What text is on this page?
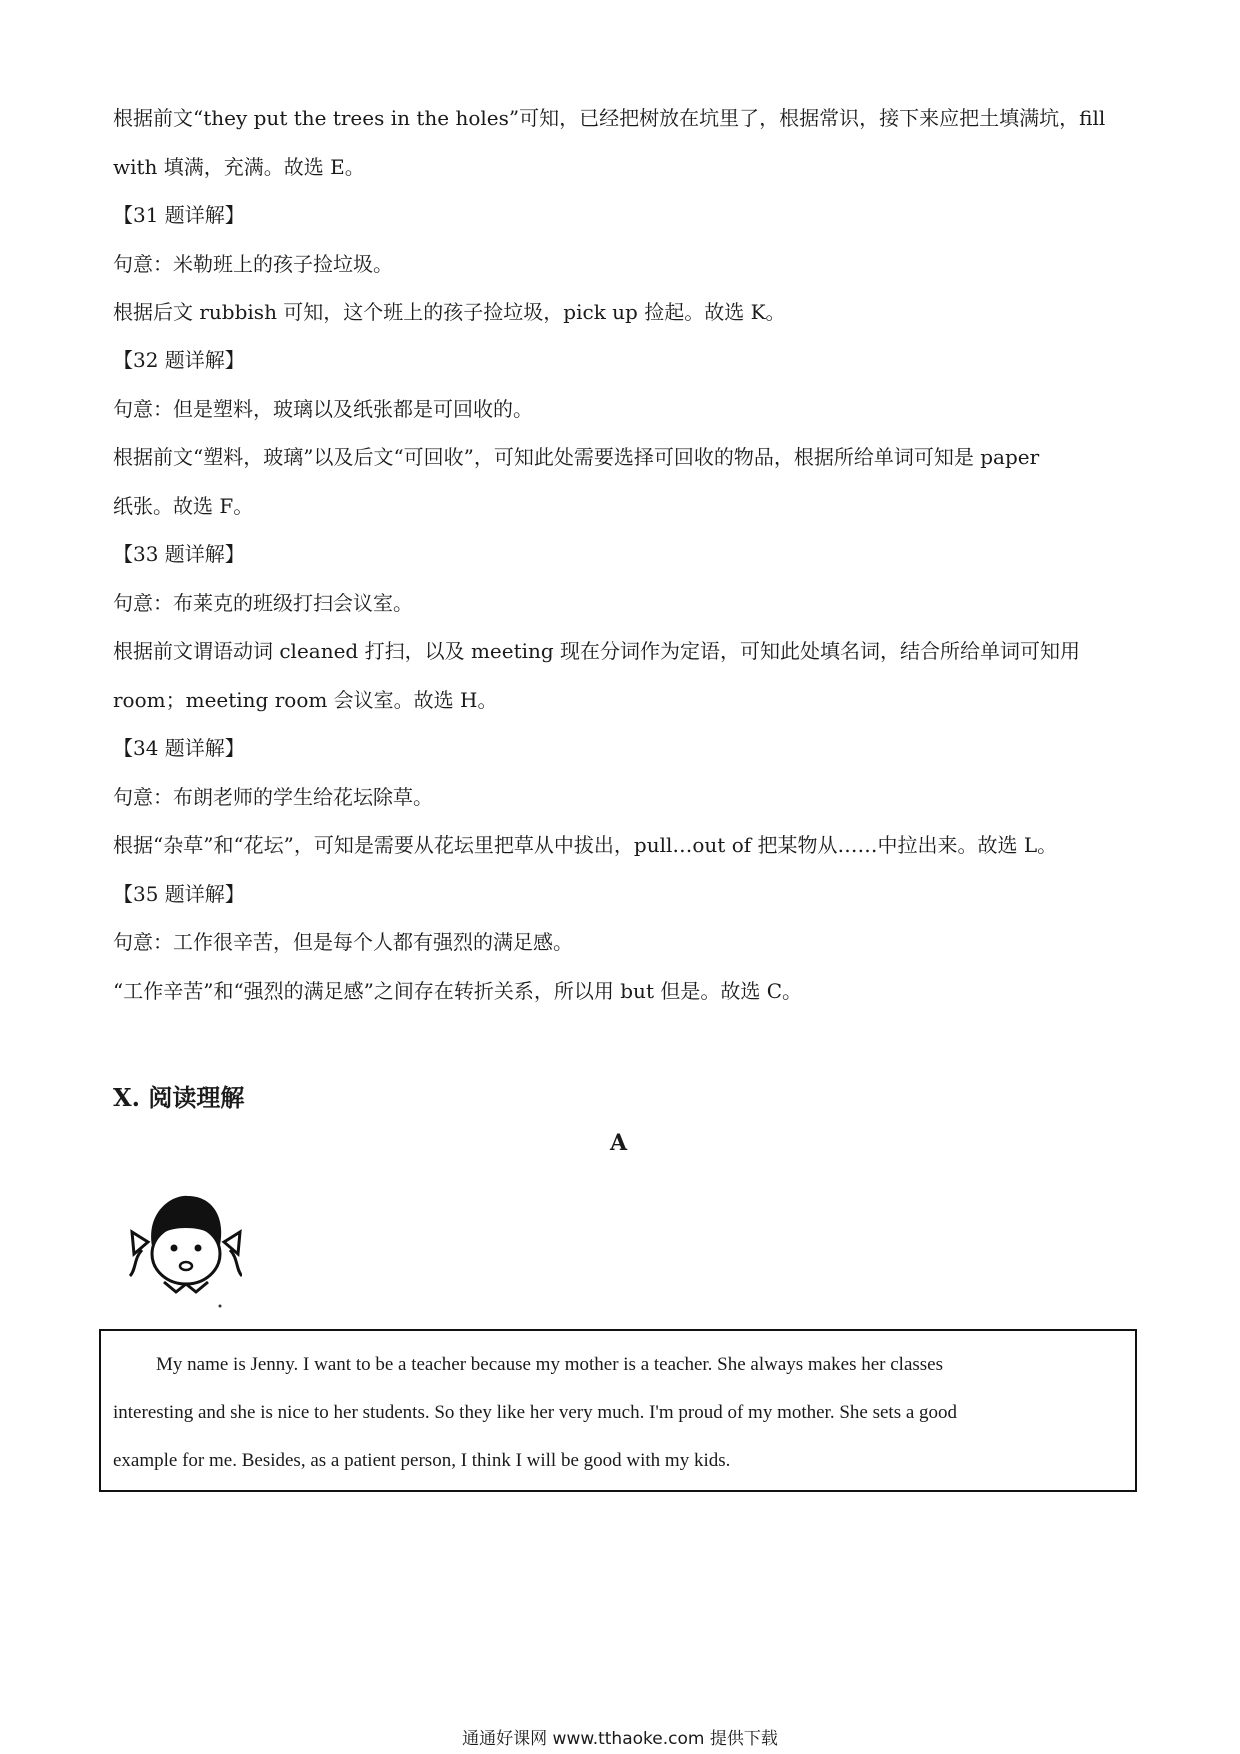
根据前文“they put the trees in the holes”可知，已经把树放在坑里了，根据常识，接下来应把土填满坑，fill
with 填满，充满。故选 E。
【31 题详解】
句意：米勒班上的孩子捡垃圾。
根据后文 rubbish 可知，这个班上的孩子捡垃圾，pick up 捡起。故选 K。
【32 题详解】
句意：但是塑料，玻璃以及纸张都是可回收的。
根据前文“塑料，玻璃”以及后文“可回收”，可知此处需要选择可回收的物品，根据所给单词可知是 paper
纸张。故选 F。
【33 题详解】
句意：布莱克的班级打扫会议室。
根据前文谓语动词 cleaned 打扫，以及 meeting 现在分词作为定语，可知此处填名词，结合所给单词可知用
room；meeting room 会议室。故选 H。
【34 题详解】
句意：布朗老师的学生给花坛除草。
根据“杂草”和“花坛”，可知是需要从花坛里把草从中拔出，pull…out of 把某物从……中拉出来。故选 L。
【35 题详解】
句意：工作很辛苦，但是每个人都有强烈的满足感。
“工作辛苦”和“强烈的满足感”之间存在转折关系，所以用 but 但是。故选 C。
X. 阅读理解
A
My name is Jenny. I want to be a teacher because my mother is a teacher. She always makes her classes
interesting and she is nice to her students. So they like her very much. I'm proud of my mother. She sets a good
example for me. Besides, as a patient person, I think I will be good with my kids.
通通好课网 www.tthaoke.com 提供下载
